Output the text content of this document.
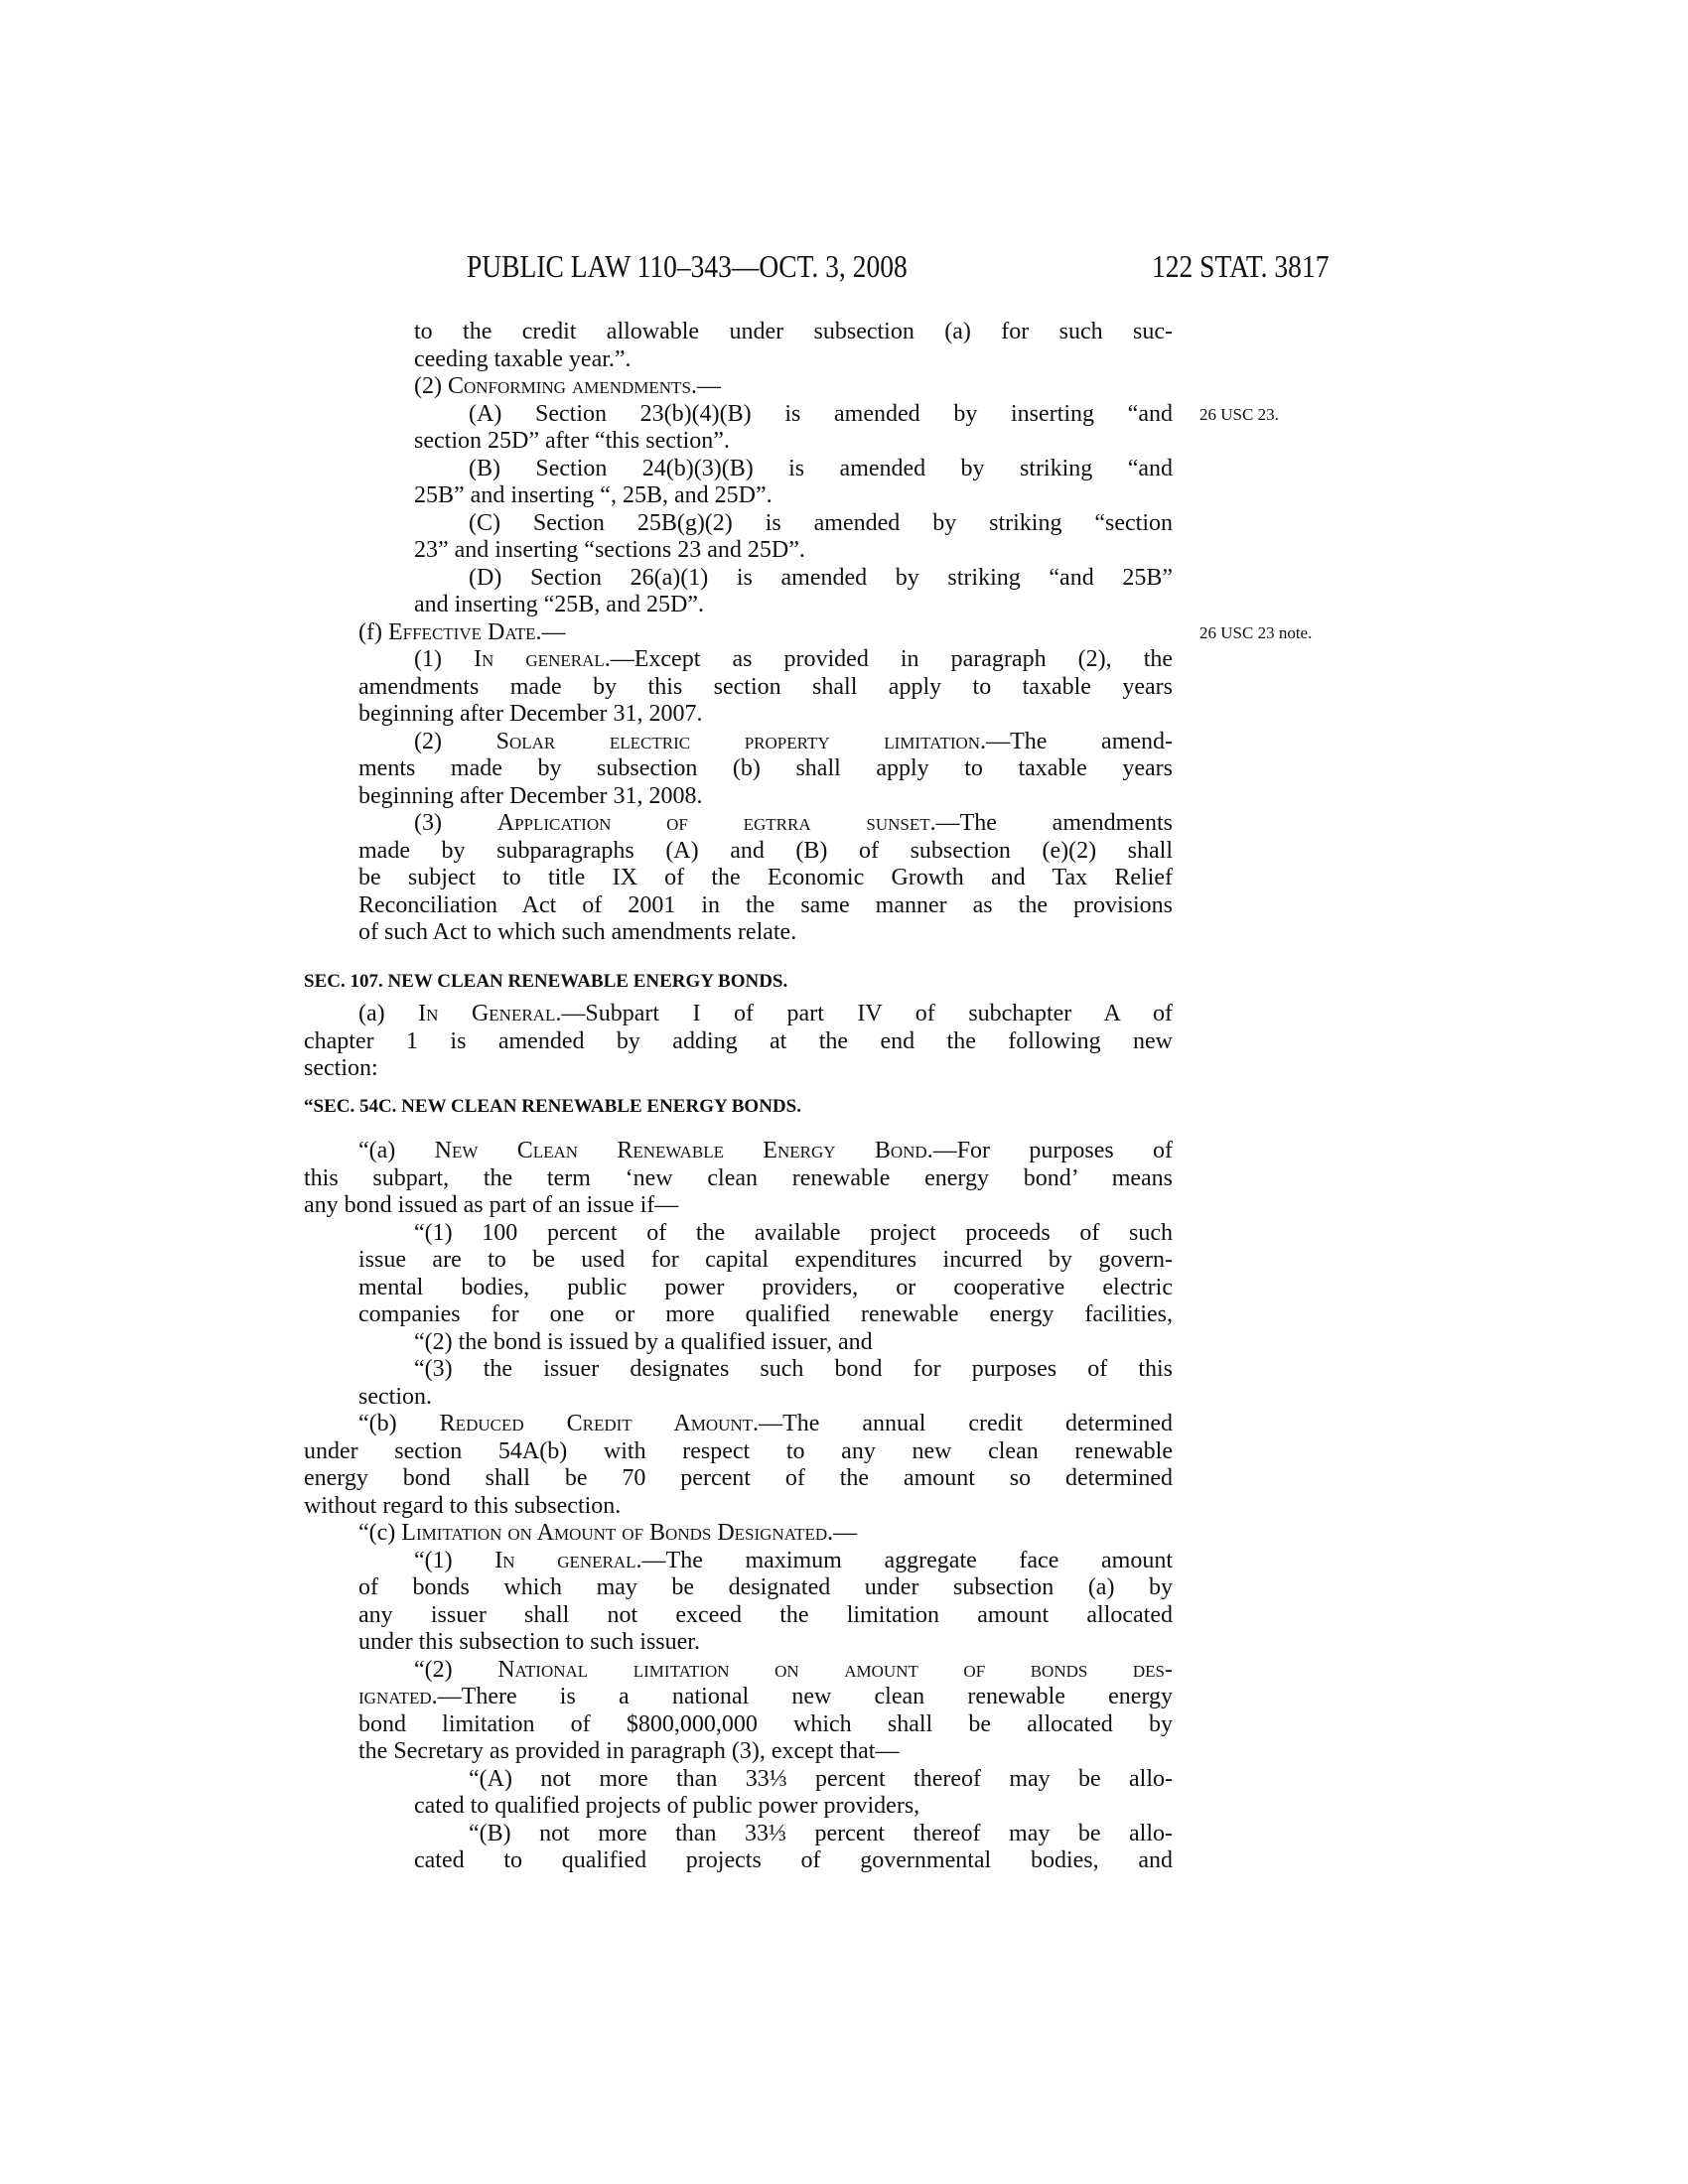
PUBLIC LAW 110–343—OCT. 3, 2008	122 STAT. 3817
to the credit allowable under subsection (a) for such suc-
ceeding taxable year.”.
(2) Conforming amendments.—
(A) Section 23(b)(4)(B) is amended by inserting “and 26 USC 23.
section 25D” after “this section”.
(B) Section 24(b)(3)(B) is amended by striking “and
25B” and inserting “, 25B, and 25D”.
(C) Section 25B(g)(2) is amended by striking “section
23” and inserting “sections 23 and 25D”.
(D) Section 26(a)(1) is amended by striking “and 25B”
and inserting “25B, and 25D”.
(f) Effective Date.—	26 USC 23 note.
(1) In general.—Except as provided in paragraph (2), the
amendments made by this section shall apply to taxable years
beginning after December 31, 2007.
(2) Solar electric property limitation.—The amend-
ments made by subsection (b) shall apply to taxable years
beginning after December 31, 2008.
(3) Application of egtrra sunset.—The amendments
made by subparagraphs (A) and (B) of subsection (e)(2) shall
be subject to title IX of the Economic Growth and Tax Relief
Reconciliation Act of 2001 in the same manner as the provisions
of such Act to which such amendments relate.
SEC. 107. NEW CLEAN RENEWABLE ENERGY BONDS.
(a) In General.—Subpart I of part IV of subchapter A of
chapter 1 is amended by adding at the end the following new
section:
“SEC. 54C. NEW CLEAN RENEWABLE ENERGY BONDS.
“(a) New Clean Renewable Energy Bond.—For purposes of
this subpart, the term ‘new clean renewable energy bond’ means
any bond issued as part of an issue if—
“(1) 100 percent of the available project proceeds of such
issue are to be used for capital expenditures incurred by govern-
mental bodies, public power providers, or cooperative electric
companies for one or more qualified renewable energy facilities,
“(2) the bond is issued by a qualified issuer, and
“(3) the issuer designates such bond for purposes of this
section.
“(b) Reduced Credit Amount.—The annual credit determined
under section 54A(b) with respect to any new clean renewable
energy bond shall be 70 percent of the amount so determined
without regard to this subsection.
“(c) Limitation on Amount of Bonds Designated.—
“(1) In general.—The maximum aggregate face amount
of bonds which may be designated under subsection (a) by
any issuer shall not exceed the limitation amount allocated
under this subsection to such issuer.
“(2) National limitation on amount of bonds des-
ignated.—There is a national new clean renewable energy
bond limitation of $800,000,000 which shall be allocated by
the Secretary as provided in paragraph (3), except that—
“(A) not more than 33⅓ percent thereof may be allo-
cated to qualified projects of public power providers,
“(B) not more than 33⅓ percent thereof may be allo-
cated to qualified projects of governmental bodies, and
